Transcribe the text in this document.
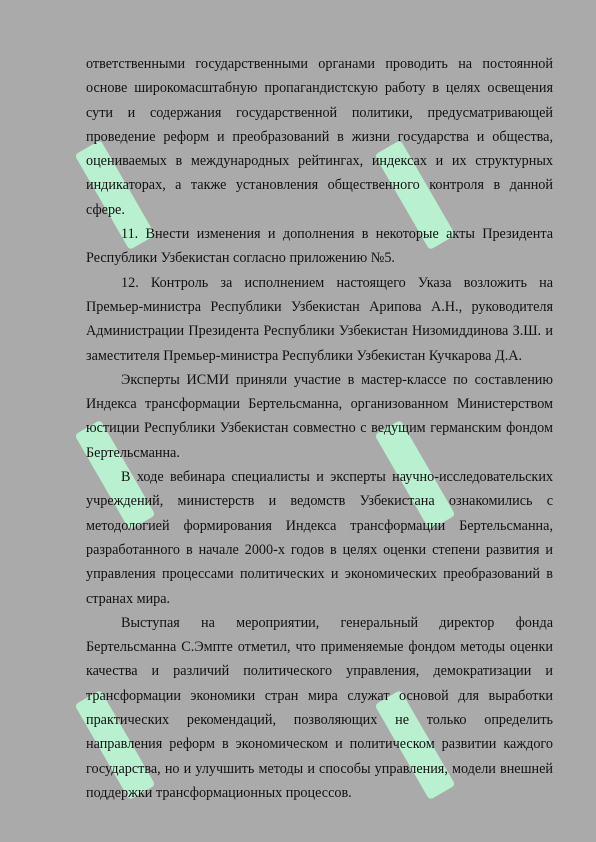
ответственными государственными органами проводить на постоянной основе широкомасштабную пропагандистскую работу в целях освещения сути и содержания государственной политики, предусматривающей проведение реформ и преобразований в жизни государства и общества, оцениваемых в международных рейтингах, индексах и их структурных индикаторах, а также установления общественного контроля в данной сфере.

11. Внести изменения и дополнения в некоторые акты Президента Республики Узбекистан согласно приложению №5.

12. Контроль за исполнением настоящего Указа возложить на Премьер-министра Республики Узбекистан Арипова А.Н., руководителя Администрации Президента Республики Узбекистан Низомиддинова З.Ш. и заместителя Премьер-министра Республики Узбекистан Кучкарова Д.А.

Эксперты ИСМИ приняли участие в мастер-классе по составлению Индекса трансформации Бертельсманна, организованном Министерством юстиции Республики Узбекистан совместно с ведущим германским фондом Бертельсманна.

В ходе вебинара специалисты и эксперты научно-исследовательских учреждений, министерств и ведомств Узбекистана ознакомились с методологией формирования Индекса трансформации Бертельсманна, разработанного в начале 2000-х годов в целях оценки степени развития и управления процессами политических и экономических преобразований в странах мира.

Выступая на мероприятии, генеральный директор фонда Бертельсманна С.Эмпте отметил, что применяемые фондом методы оценки качества и различий политического управления, демократизации и трансформации экономики стран мира служат основой для выработки практических рекомендаций, позволяющих не только определить направления реформ в экономическом и политическом развитии каждого государства, но и улучшить методы и способы управления, модели внешней поддержки трансформационных процессов.
